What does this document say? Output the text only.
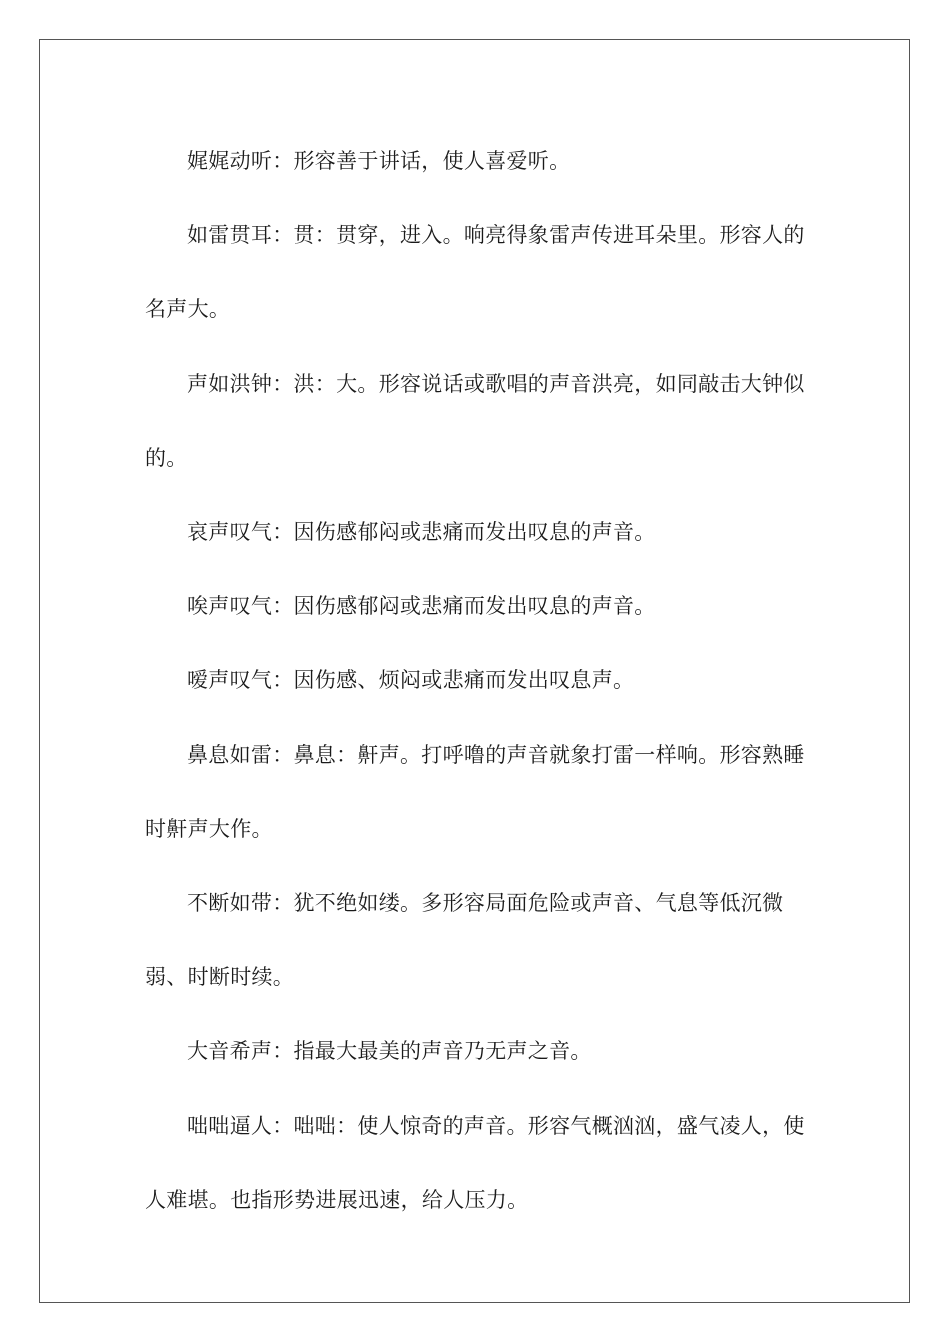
娓娓动听：形容善于讲话，使人喜爱听。

如雷贯耳：贯：贯穿，进入。响亮得象雷声传进耳朵里。形容人的名声大。

声如洪钟：洪：大。形容说话或歌唱的声音洪亮，如同敲击大钟似的。

哀声叹气：因伤感郁闷或悲痛而发出叹息的声音。

唉声叹气：因伤感郁闷或悲痛而发出叹息的声音。

嗳声叹气：因伤感、烦闷或悲痛而发出叹息声。

鼻息如雷：鼻息：鼾声。打呼噜的声音就象打雷一样响。形容熟睡时鼾声大作。

不断如带：犹不绝如缕。多形容局面危险或声音、气息等低沉微弱、时断时续。

大音希声：指最大最美的声音乃无声之音。

咄咄逼人：咄咄：使人惊奇的声音。形容气概汹汹，盛气凌人，使人难堪。也指形势进展迅速，给人压力。
